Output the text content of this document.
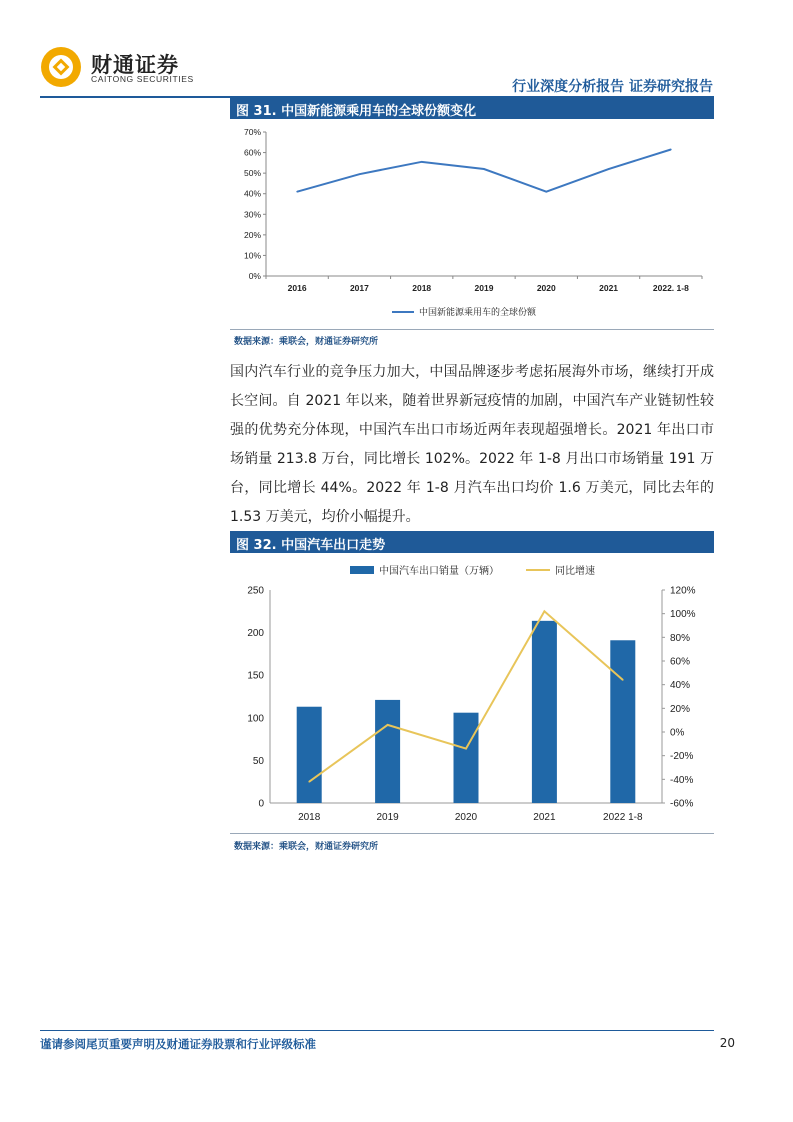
财通证券
CAITONG SECURITIES	行业深度分析报告 证券研究报告
图 31. 中国新能源乘用车的全球份额变化
0%
10%
20%
30%
40%
50%
60%
70%
2016	2017	2018	2019	2020	2021	2022. 1-8
中国新能源乘用车的全球份额
数据来源：乘联会，财通证券研究所
国内汽车行业的竞争压力加大，中国品牌逐步考虑拓展海外市场，继续打开成长空间。自 2021 年以来，随着世界新冠疫情的加剧，中国汽车产业链韧性较强的优势充分体现，中国汽车出口市场近两年表现超强增长。2021 年出口市场销量 213.8 万台，同比增长 102%。2022 年 1-8 月出口市场销量 191 万台，同比增长 44%。2022 年 1-8 月汽车出口均价 1.6 万美元，同比去年的 1.53 万美元，均价小幅提升。
图 32. 中国汽车出口走势
0
50
100
150
200
250
-60%
-40%
-20%
0%
20%
40%
60%
80%
100%
120%
2018	2019	2020	2021	2022 1-8
中国汽车出口销量（万辆）	同比增速
数据来源：乘联会，财通证券研究所
谨请参阅尾页重要声明及财通证券股票和行业评级标准	20
